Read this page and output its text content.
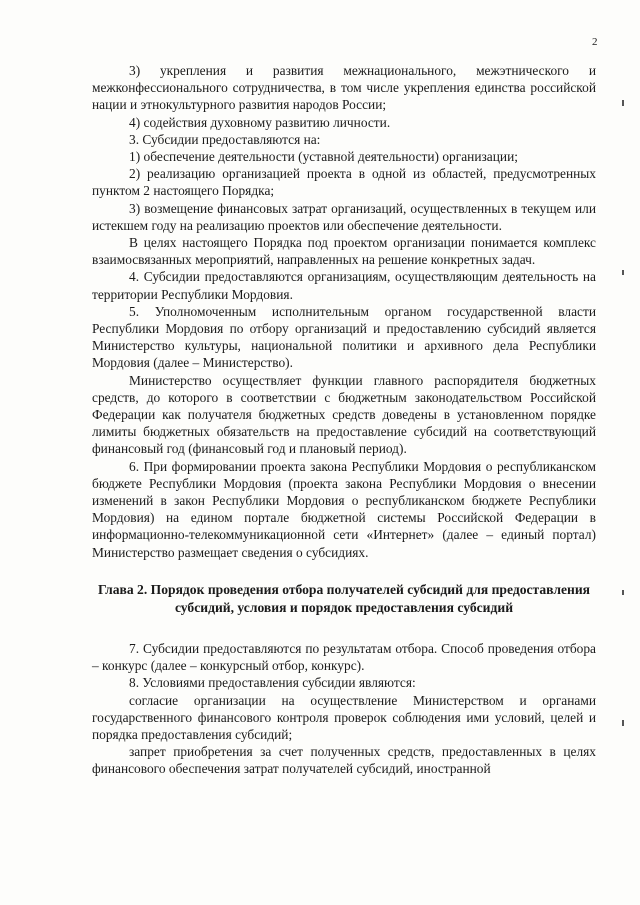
2

3) укрепления и развития межнационального, межэтнического и межконфессионального сотрудничества, в том числе укрепления единства российской нации и этнокультурного развития народов России;

4) содействия духовному развитию личности.

3. Субсидии предоставляются на:

1) обеспечение деятельности (уставной деятельности) организации;

2) реализацию организацией проекта в одной из областей, предусмотренных пунктом 2 настоящего Порядка;

3) возмещение финансовых затрат организаций, осуществленных в текущем или истекшем году на реализацию проектов или обеспечение деятельности.

В целях настоящего Порядка под проектом организации понимается комплекс взаимосвязанных мероприятий, направленных на решение конкретных задач.

4. Субсидии предоставляются организациям, осуществляющим деятельность на территории Республики Мордовия.

5. Уполномоченным исполнительным органом государственной власти Республики Мордовия по отбору организаций и предоставлению субсидий является Министерство культуры, национальной политики и архивного дела Республики Мордовия (далее – Министерство).

Министерство осуществляет функции главного распорядителя бюджетных средств, до которого в соответствии с бюджетным законодательством Российской Федерации как получателя бюджетных средств доведены в установленном порядке лимиты бюджетных обязательств на предоставление субсидий на соответствующий финансовый год (финансовый год и плановый период).

6. При формировании проекта закона Республики Мордовия о республиканском бюджете Республики Мордовия (проекта закона Республики Мордовия о внесении изменений в закон Республики Мордовия о республиканском бюджете Республики Мордовия) на едином портале бюджетной системы Российской Федерации в информационно-телекоммуникационной сети «Интернет» (далее – единый портал) Министерство размещает сведения о субсидиях.

Глава 2. Порядок проведения отбора получателей субсидий для предоставления субсидий, условия и порядок предоставления субсидий

7. Субсидии предоставляются по результатам отбора. Способ проведения отбора – конкурс (далее – конкурсный отбор, конкурс).

8. Условиями предоставления субсидии являются:

согласие организации на осуществление Министерством и органами государственного финансового контроля проверок соблюдения ими условий, целей и порядка предоставления субсидий;

запрет приобретения за счет полученных средств, предоставленных в целях финансового обеспечения затрат получателей субсидий, иностранной
